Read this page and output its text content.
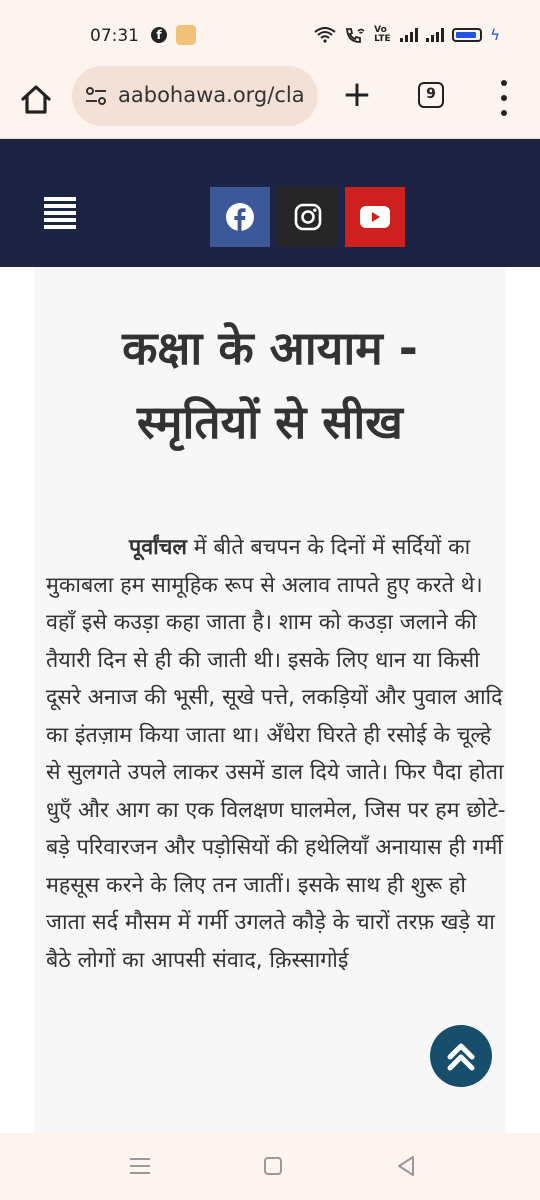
07:31	f	Vo LTE	ϟ
aabohawa.org/cla +	9
कक्षा के आयाम -
स्मृतियों से सीख

पूर्वांचल में बीते बचपन के दिनों में सर्दियों का मुकाबला हम सामूहिक रूप से अलाव तापते हुए करते थे। वहाँ इसे कउड़ा कहा जाता है। शाम को कउड़ा जलाने की तैयारी दिन से ही की जाती थी। इसके लिए धान या किसी दूसरे अनाज की भूसी, सूखे पत्ते, लकड़ियों और पुवाल आदि का इंतज़ाम किया जाता था। अँधेरा घिरते ही रसोई के चूल्हे से सुलगते उपले लाकर उसमें डाल दिये जाते। फिर पैदा होता धुएँ और आग का एक विलक्षण घालमेल, जिस पर हम छोटे-बड़े परिवारजन और पड़ोसियों की हथेलियाँ अनायास ही गर्मी महसूस करने के लिए तन जातीं। इसके साथ ही शुरू हो जाता सर्द मौसम में गर्मी उगलते कौड़े के चारों तरफ़ खड़े या बैठे लोगों का आपसी संवाद, क़िस्सागोई
